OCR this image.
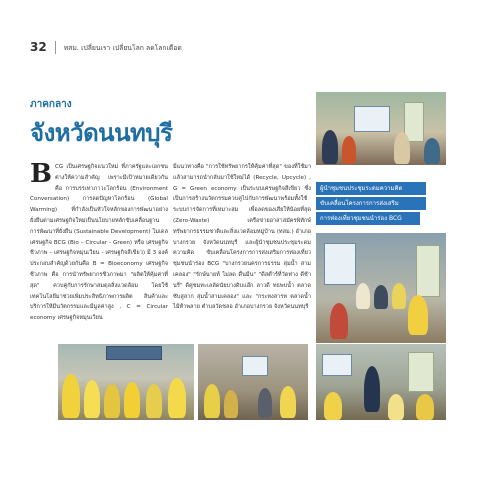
32	ทสม. เปลี่ยนเรา เปลี่ยนโลก ลดโลกเดือด
ภาคกลาง
จังหวัดนนทบุรี
B CG เป็นเศรษฐกิจแนวใหม่ ที่ภาครัฐและเอกชนต่างให้ความสำคัญ เพราะมีเป้าหมายเดียวกัน คือ การบรรเทาภาวะโลกร้อน (Environment Conversation) การลดปัญหาโลกร้อน (Global Warming) ที่กำลังเป็นหัวใจหลักของการพัฒนาอย่างยั่งยืนตามเศรษฐกิจใหม่เป็นนโยบายหลักขับเคลื่อนฐานการพัฒนาที่ยั่งยืน (Sustainable Development) โมเดลเศรษฐกิจ BCG (Bio – Circular - Green) หรือ เศรษฐกิจชีวภาพ – เศรษฐกิจหมุนเวียน - เศรษฐกิจสีเขียว) มี 3 องค์ประกอบสำคัญด้วยกันคือ B = Bioeconomy เศรษฐกิจชีวภาพ คือ การนำทรัพยากรชีวภาพมา "ผลิตให้คุ้มค่าที่สุด" ควบคู่กับการรักษาสมดุลสิ่งแวดล้อม โดยใช้เทคโนโลยีมาช่วยเพิ่มประสิทธิภาพการผลิต สินค้าและบริการให้มีนวัตกรรมและมีมูลค่าสูง , C = Circular economy เศรษฐกิจหมุนเวียน
มีแนวทางคือ "การใช้ทรัพยากรให้คุ้มค่าที่สุด" ของที่ใช้มาแล้วสามารถนำกลับมาใช้ใหม่ได้ (Recycle, Upcycle) , G = Green economy เป็นระบบเศรษฐกิจสีเขียว ซึ่งเป็นการสร้างนวัตกรรมควบคู่ไปกับการพัฒนาพร้อมทั้งใช้ระบบการจัดการที่เหมาะสม เพื่อลดของเสียให้น้อยที่สุด (Zero-Waste) เครือข่ายอาสาสมัครพิทักษ์ทรัพยากรธรรมชาติและสิ่งแวดล้อมหมู่บ้าน (ทสม.) อำเภอบางกรวย จังหวัดนนทบุรี และผู้นำชุมชนประชุมระดมความคิด ขับเคลื่อนโครงการการส่งเสริมการท่องเที่ยวชุมชนนำร่อง BCG "บางกรวยนครการธรรม ลุ่มน้ำ สามเคลอง" "รักษ์นายท์ ไม่ลด ดื่นมีน" "ดีสต๊าร์ที่วัดท่าง ดีช้านรี" ดีคู่ชมทะเลลัดนัยบางดิบแอ๊ก ลาวดี ทธพบน้ำ ตลาดซับสูลาก ลุ่มน้ำสามเคลอง" และ "กระทงสารท ตลาดน้ำไม้ท้าพลาย ตำบลวัดชลอ อำเภอบางกรวย จังหวัดนนทบุรี
ผู้นำชุมชนประชุมระดมความคิด
ขับเคลื่อนโครงการการส่งเสริม
การท่องเที่ยวชุมชนนำร่อง BCG
